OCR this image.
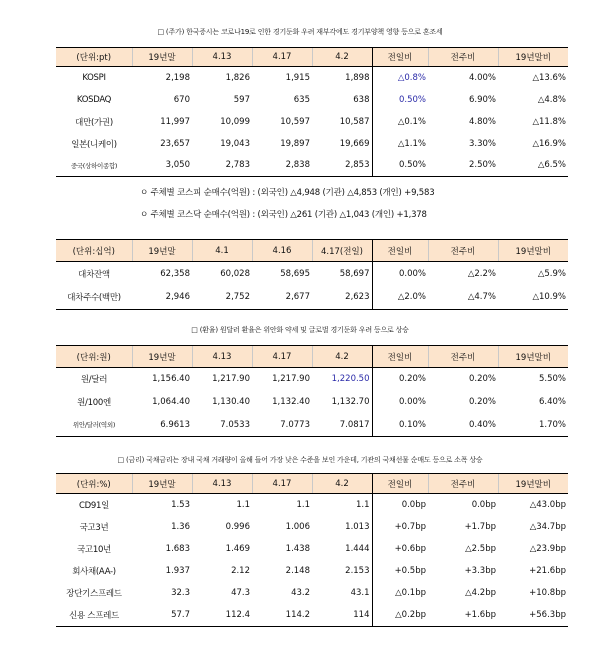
□ (주가) 한국증시는 코로나19로 인한 경기둔화 우려 재부각에도 경기부양책 영향 등으로 혼조세
(단위:pt)	19년말	4.13	4.17	4.2	전일비	전주비	19년말비
KOSPI	2,198	1,826	1,915	1,898	△0.8%	4.00%	△13.6%
KOSDAQ	670	597	635	638	0.50%	6.90%	△4.8%
대만(가권)	11,997	10,099	10,597	10,587	△0.1%	4.80%	△11.8%
일본(니케이)	23,657	19,043	19,897	19,669	△1.1%	3.30%	△16.9%
중국(상하이종합)	3,050	2,783	2,838	2,853	0.50%	2.50%	△6.5%
ㅇ 주체별 코스피 순매수(억원) : (외국인) △4,948 (기관) △4,853 (개인) +9,583
ㅇ 주체별 코스닥 순매수(억원) : (외국인) △261 (기관) △1,043 (개인) +1,378
(단위:십억)	19년말	4.1	4.16	4.17(전일)	전일비	전주비	19년말비
대차잔액	62,358	60,028	58,695	58,697	0.00%	△2.2%	△5.9%
대차주수(백만)	2,946	2,752	2,677	2,623	△2.0%	△4.7%	△10.9%
□ (환율) 원달러 환율은 위안화 약세 및 글로벌 경기둔화 우려 등으로 상승
(단위:원)	19년말	4.13	4.17	4.2	전일비	전주비	19년말비
원/달러	1,156.40	1,217.90	1,217.90	1,220.50	0.20%	0.20%	5.50%
원/100엔	1,064.40	1,130.40	1,132.40	1,132.70	0.00%	0.20%	6.40%
위안/달러(역외)	6.9613	7.0533	7.0773	7.0817	0.10%	0.40%	1.70%
□ (금리) 국채금리는 장내 국채 거래량이 올해 들어 가장 낮은 수준을 보인 가운데, 기관의 국채선물 순매도 등으로 소폭 상승
(단위:%)	19년말	4.13	4.17	4.2	전일비	전주비	19년말비
CD91일	1.53	1.1	1.1	1.1	0.0bp	0.0bp	△43.0bp
국고3년	1.36	0.996	1.006	1.013	+0.7bp	+1.7bp	△34.7bp
국고10년	1.683	1.469	1.438	1.444	+0.6bp	△2.5bp	△23.9bp
회사채(AA-)	1.937	2.12	2.148	2.153	+0.5bp	+3.3bp	+21.6bp
장단기스프레드	32.3	47.3	43.2	43.1	△0.1bp	△4.2bp	+10.8bp
신용 스프레드	57.7	112.4	114.2	114	△0.2bp	+1.6bp	+56.3bp
